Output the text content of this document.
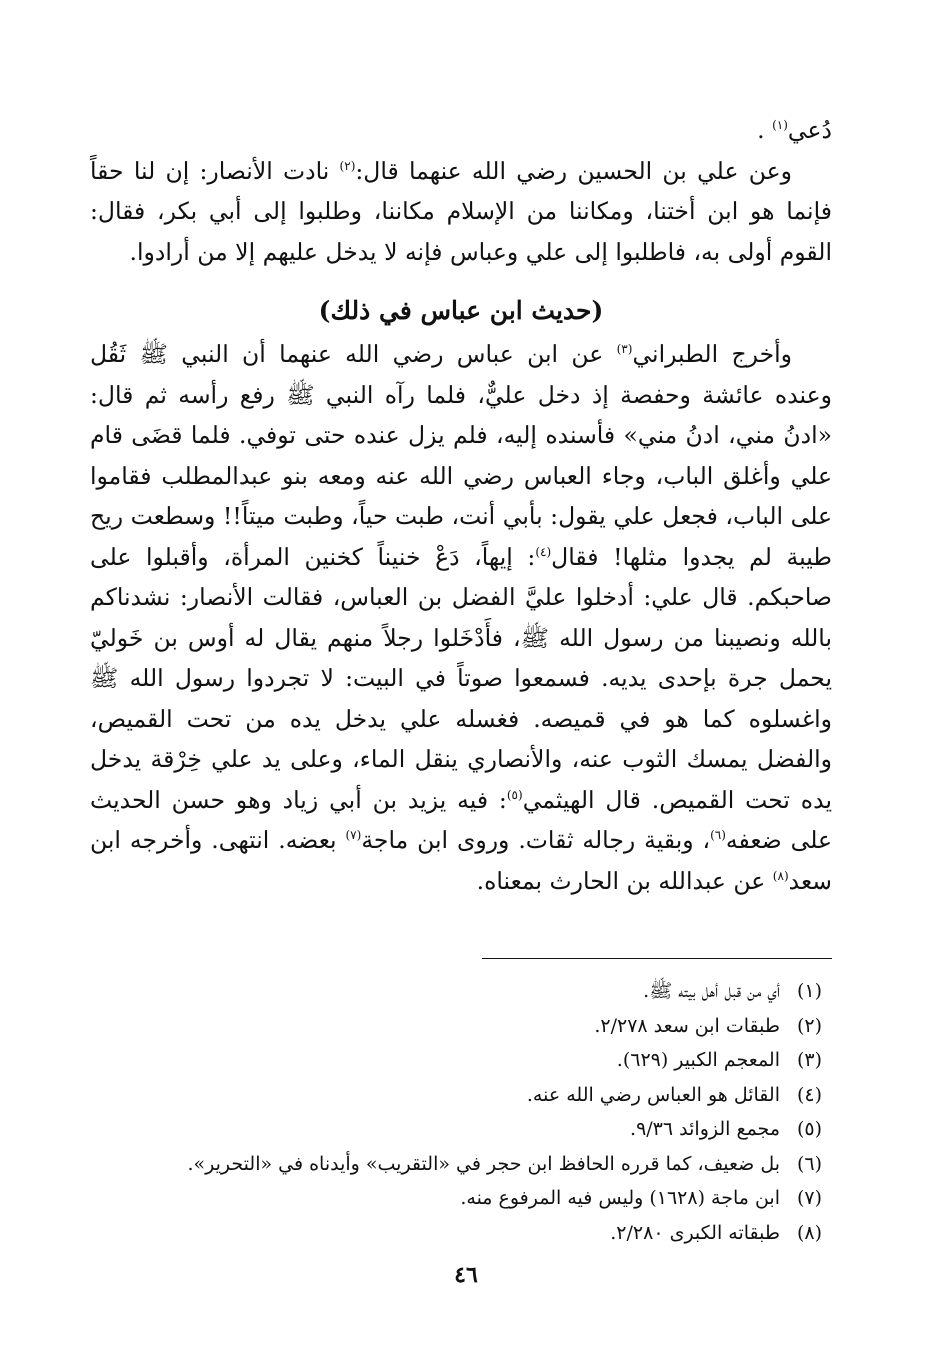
دُعي$^{(١)}$ .

وعن علي بن الحسين رضي الله عنهما قال:$^{(٢)}$ نادت الأنصار: إن لنا حقاً فإنما هو ابن أختنا، ومكاننا من الإسلام مكاننا، وطلبوا إلى أبي بكر، فقال: القوم أولى به، فاطلبوا إلى علي وعباس فإنه لا يدخل عليهم إلا من أرادوا.

(حديث ابن عباس في ذلك)

وأخرج الطبراني$^{(٣)}$ عن ابن عباس رضي الله عنهما أن النبي ﷺ ثَقُل وعنده عائشة وحفصة إذ دخل عليٌّ، فلما رآه النبي ﷺ رفع رأسه ثم قال: «ادنُ مني، ادنُ مني» فأسنده إليه، فلم يزل عنده حتى توفي. فلما قضَى قام علي وأغلق الباب، وجاء العباس رضي الله عنه ومعه بنو عبدالمطلب فقاموا على الباب، فجعل علي يقول: بأبي أنت، طبت حياً، وطبت ميتاً!! وسطعت ريح طيبة لم يجدوا مثلها! فقال$^{(٤)}$: إيهاً، دَعْ خنيناً كخنين المرأة، وأقبلوا على صاحبكم. قال علي: أدخلوا عليَّ الفضل بن العباس، فقالت الأنصار: نشدناكم بالله ونصيبنا من رسول الله ﷺ، فأَدْخَلوا رجلاً منهم يقال له أوس بن خَوليّ يحمل جرة بإحدى يديه. فسمعوا صوتاً في البيت: لا تجردوا رسول الله ﷺ واغسلوه كما هو في قميصه. فغسله علي يدخل يده من تحت القميص، والفضل يمسك الثوب عنه، والأنصاري ينقل الماء، وعلى يد علي خِرْقة يدخل يده تحت القميص. قال الهيثمي$^{(٥)}$: فيه يزيد بن أبي زياد وهو حسن الحديث على ضعفه$^{(٦)}$، وبقية رجاله ثقات. وروى ابن ماجة$^{(٧)}$ بعضه. انتهى. وأخرجه ابن سعد$^{(٨)}$ عن عبدالله بن الحارث بمعناه.

(١)
أي من قبل أهل بيته ﷺ.
(٢)
طبقات ابن سعد ٢/٢٧٨.
(٣)
المعجم الكبير (٦٢٩).
(٤)
القائل هو العباس رضي الله عنه.
(٥)
مجمع الزوائد ٩/٣٦.
(٦)
بل ضعيف، كما قرره الحافظ ابن حجر في «التقريب» وأيدناه في «التحرير».
(٧)
ابن ماجة (١٦٢٨) وليس فيه المرفوع منه.
(٨)
طبقاته الكبرى ٢/٢٨٠.
٤٦
